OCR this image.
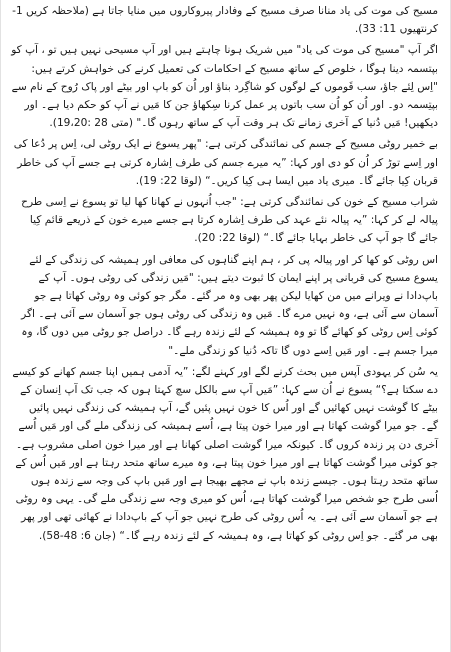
مسیح کی موت کی یاد منانا صرف مسیح کے وفادار پیروکاروں میں منایا جاتا ہے (ملاحظہ کریں 1-کرنتھیوں 11: 33).

اگر آپ "مسیح کی موت کی یاد" میں شریک ہونا چاہتے ہیں اور آپ مسیحی نہیں ہیں تو ، آپ کو بپتسمہ دینا ہوگا ، خلوص کے ساتھ مسیح کے احکامات کی تعمیل کرنے کی خواہش کرتے ہیں: "اِس لِئے جاؤ، سب قَوموں کے لوگوں کو شاگِرد بناؤ اور اُن کو باپ اور بیٹے اور پاک رُوح کے نام سے بپتِسمہ دو۔ اور اُن کو اُن سب باتوں پر عمل کرنا سِکھاؤ جن کا مَیں نے آپ کو حکم دیا ہے۔ اور دیکھیں! مَیں دُنیا کے آخری زمانے تک ہر وقت آپ کے ساتھ رہوں گا۔" (متی 28 :19،20).

بے خمیر روٹی مسیح کے جسم کی نمائندگی کرتی ہے: "پھر یسوع نے ایک روٹی لی، اِس پر دُعا کی اور اِسے توڑ کر اُن کو دی اور کہا: ”یہ میرے جسم کی طرف اِشارہ کرتی ہے جسے آپ کی خاطر قربان کِیا جائے گا۔ میری یاد میں ایسا ہی کِیا کریں۔“ (لوقا 22: 19).

شراب مسیح کے خون کی نمائندگی کرتی ہے: "جب اُنہوں نے کھانا کھا لیا تو یسوع نے اِسی طرح پیالہ لے کر کہا: ”یہ پیالہ نئے عہد کی طرف اِشارہ کرتا ہے جسے میرے خون کے ذریعے قائم کِیا جائے گا جو آپ کی خاطر بہایا جائے گا۔“ (لوقا 22: 20).

اس روٹی کو کھا کر اور پیالہ پی کر ، ہم اپنے گناہوں کی معافی اور ہمیشہ کی زندگی کے لئے یسوع مسیح کی قربانی پر اپنے ایمان کا ثبوت دیتے ہیں: "مَیں زندگی کی روٹی ہوں۔ آپ کے باپ‌دادا نے ویرانے میں من کھایا لیکن پھر بھی وہ مر گئے۔ مگر جو کوئی وہ روٹی کھاتا ہے جو آسمان سے آئی ہے، وہ نہیں مرے گا۔ مَیں وہ زندگی کی روٹی ہوں جو آسمان سے آئی ہے۔ اگر کوئی اِس روٹی کو کھائے گا تو وہ ہمیشہ کے لئے زندہ رہے گا۔ دراصل جو روٹی میں دوں گا، وہ میرا جسم ہے۔ اور مَیں اِسے دوں گا تاکہ دُنیا کو زندگی ملے۔"

یہ سُن کر یہودی آپس میں بحث کرنے لگے اور کہنے لگے: ”یہ آدمی ہمیں اپنا جسم کھانے کو کیسے دے سکتا ہے؟“ یسوع نے اُن سے کہا: ”مَیں آپ سے بالکل سچ کہتا ہوں کہ جب تک آپ اِنسان کے بیٹے کا گوشت نہیں کھائیں گے اور اُس کا خون نہیں پئیں گے، آپ ہمیشہ کی زندگی نہیں پائیں گے۔ جو میرا گوشت کھاتا ہے اور میرا خون پیتا ہے، اُسے ہمیشہ کی زندگی ملے گی اور مَیں اُسے آخری دن پر زندہ کروں گا۔ کیونکہ میرا گوشت اصلی کھانا ہے اور میرا خون اصلی مشروب ہے۔ جو کوئی میرا گوشت کھاتا ہے اور میرا خون پیتا ہے، وہ میرے ساتھ متحد رہتا ہے اور مَیں اُس کے ساتھ متحد رہتا ہوں۔ جیسے زندہ باپ نے مجھے بھیجا ہے اور مَیں باپ کی وجہ سے زندہ ہوں اُسی طرح جو شخص میرا گوشت کھاتا ہے، اُس کو میری وجہ سے زندگی ملے گی۔ یہی وہ روٹی ہے جو آسمان سے آئی ہے۔ یہ اُس روٹی کی طرح نہیں جو آپ کے باپ‌دادا نے کھائی تھی اور پھر بھی مر گئے۔ جو اِس روٹی کو کھاتا ہے، وہ ہمیشہ کے لئے زندہ رہے گا۔“ (جان 6: 48-58).
